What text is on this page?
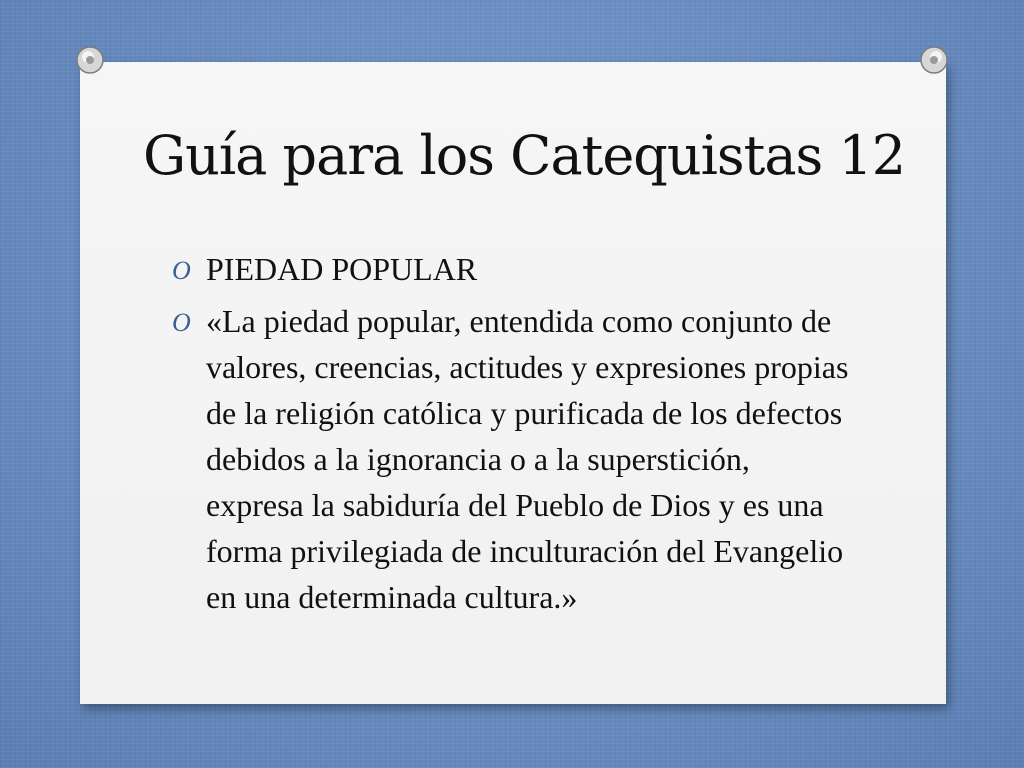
Guía para los Catequistas 12
O PIEDAD POPULAR
O «La piedad popular, entendida como conjunto de valores, creencias, actitudes y expresiones propias de la religión católica y purificada de los defectos debidos a la ignorancia o a la superstición, expresa la sabiduría del Pueblo de Dios y es una forma privilegiada de inculturación del Evangelio en una determinada cultura.»
